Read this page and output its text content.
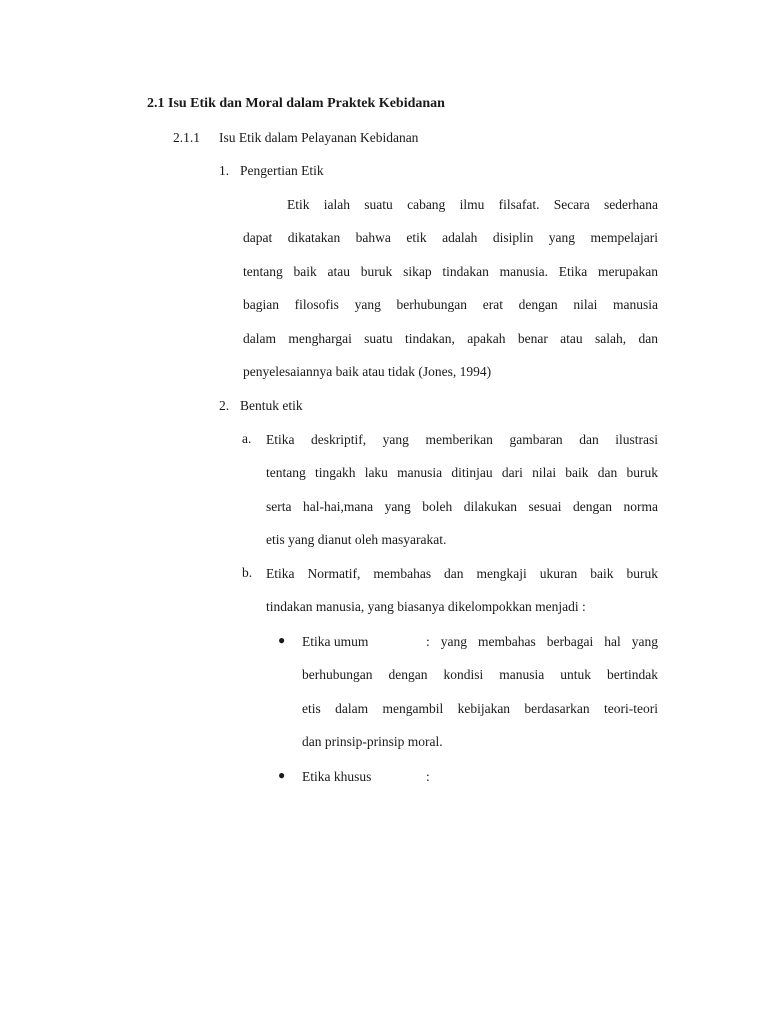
2.1 Isu Etik dan Moral dalam Praktek Kebidanan
2.1.1 Isu Etik dalam Pelayanan Kebidanan
1. Pengertian Etik
Etik ialah suatu cabang ilmu filsafat. Secara sederhana
dapat dikatakan bahwa etik adalah disiplin yang mempelajari
tentang baik atau buruk sikap tindakan manusia. Etika merupakan
bagian filosofis yang berhubungan erat dengan nilai manusia
dalam menghargai suatu tindakan, apakah benar atau salah, dan
penyelesaiannya baik atau tidak (Jones, 1994)
2. Bentuk etik
a. Etika deskriptif, yang memberikan gambaran dan ilustrasi
tentang tingakh laku manusia ditinjau dari nilai baik dan buruk
serta hal-hai,mana yang boleh dilakukan sesuai dengan norma
etis yang dianut oleh masyarakat.
b. Etika Normatif, membahas dan mengkaji ukuran baik buruk
tindakan manusia, yang biasanya dikelompokkan menjadi :
● Etika umum	: yang membahas berbagai hal yang
berhubungan dengan kondisi manusia untuk bertindak
etis dalam mengambil kebijakan berdasarkan teori-teori
dan prinsip-prinsip moral.
● Etika khusus	:
